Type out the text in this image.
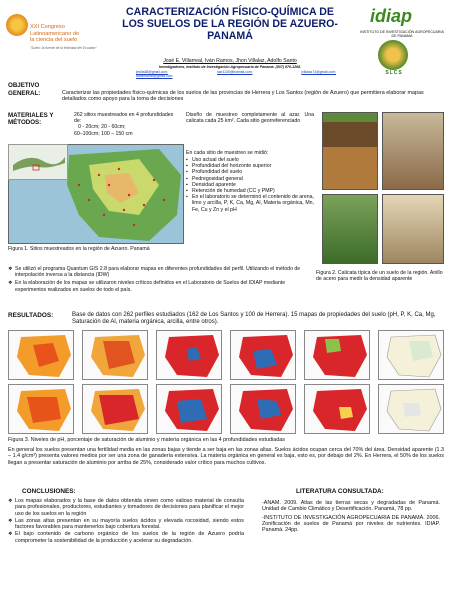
XXI Congreso
Latinoamericano de
la ciencia del suelo
"Suelo: la fuente de la felicidad del Ecuador"
CARACTERIZACIÓN FÍSICO-QUÍMICA DE LOS SUELOS DE LA REGIÓN DE AZUERO-PANAMÁ
José E. Villarreal, Iván Ramos, Jhon Villalaz, Adolfo Santo
Investigadores, Instituto de Investigación Agropecuaria de Panamá. (507) 976-1268.
jevilla38@gmail.com;	iacr1130@hotmail.com;	jvillalaz74@gmail.com;
adolfosanto@gmail.com
idiap
INSTITUTO DE INVESTIGACIÓN AGROPECUARIA DE PANAMÁ
SLCS
OBJETIVO
GENERAL:	Caracterizar las propiedades físico-químicas de los suelos de las provincias de Herrera y Los Santos (región de Azuero) que permitiera elaborar mapas detallados como apoyo para la toma de decisiones
MATERIALES Y MÉTODOS:
262 sitios muestreados en 4 profundidades de:
0 - 20cm; 20 - 60cm;
60–100cm; 100 – 150 cm
Figura 1. Sitios muestreados en la región de Azuero. Panamá
Diseño de muestreo completamente al azar. Una calicata cada 25 km². Cada sitio georreferenciado
En cada sitio de muestreo se midió:
▪ Uso actual del suelo
▪ Profundidad del horizonte superior
▪ Profundidad del suelo
▪ Pedregosidad general
▪ Densidad aparente
▪ Retención de humedad (CC y PMP)
▪ En el laboratorio se determinó el contenido de arena, limo y arcilla, P, K, Ca, Mg, Al, Materia orgánica, Mn, Fe, Cu y Zn y el pH
Figura 2. Calicata típica de un suelo de la región. Anillo de acero para medir la densidad aparente

❖ Se utilizó el programa Quantum GIS 2.8 para elaborar mapas en diferentes profundidades del perfil. Utilizando el método de interpolación inversa a la distancia (IDW)

❖ En la elaboración de los mapas se utilizaron niveles críticos definidos en el Laboratorio de Suelos del IDIAP mediante experimentos realizados en suelos de todo el país.

RESULTADOS:	Base de datos con 262 perfiles estudiados (162 de Los Santos y 100 de Herrera). 15 mapas de propiedades del suelo (pH, P, K, Ca, Mg, Saturación de Al, materia orgánica, arcilla, entre otros).
Figura 3. Niveles de pH, porcentaje de saturación de aluminio y materia orgánica en las 4 profundidades estudiadas
En general los suelos presentan una fertilidad media en las zonas bajas y tiende a ser baja en las zonas altas. Suelos ácidos ocupan cerca del 70% del área. Densidad aparente (1.3 – 1.4 g/cm³) presenta valores medios por ser una zona de ganadería extensiva. La materia orgánica en general es baja, esto es, por debajo del 2%. En Herrera, el 50% de los suelos llegan a presentar saturación de aluminio por arriba de 25%, considerado valor crítico para muchos cultivos.
CONCLUSIONES:

❖ Los mapas elaborados y la base de datos obtenida sirven como valioso material de consulta para profesionales, productores, estudiantes y tomadores de decisiones para planificar el mejor uso de los suelos en la región

❖ Las zonas altas presentan en su mayoría suelos ácidos y elevada rocosidad, siendo estos factores favorables para mantenerlos bajo cobertura forestal.

❖ El bajo contenido de carbono orgánico de los suelos de la región de Azuero podría comprometer la sostenibilidad de la producción y acelerar su degradación.

LITERATURA CONSULTADA:

-ANAM. 2009. Atlas de las tierras secas y degradadas de Panamá. Unidad de Cambio Climático y Desertificación. Panamá, 78 pp.

-INSTITUTO DE INVESTIGACIÓN AGROPECUARIA DE PANAMÁ. 2006. Zonificación de suelos de Panamá por niveles de nutrientes. IDIAP. Panamá. 24pp.
